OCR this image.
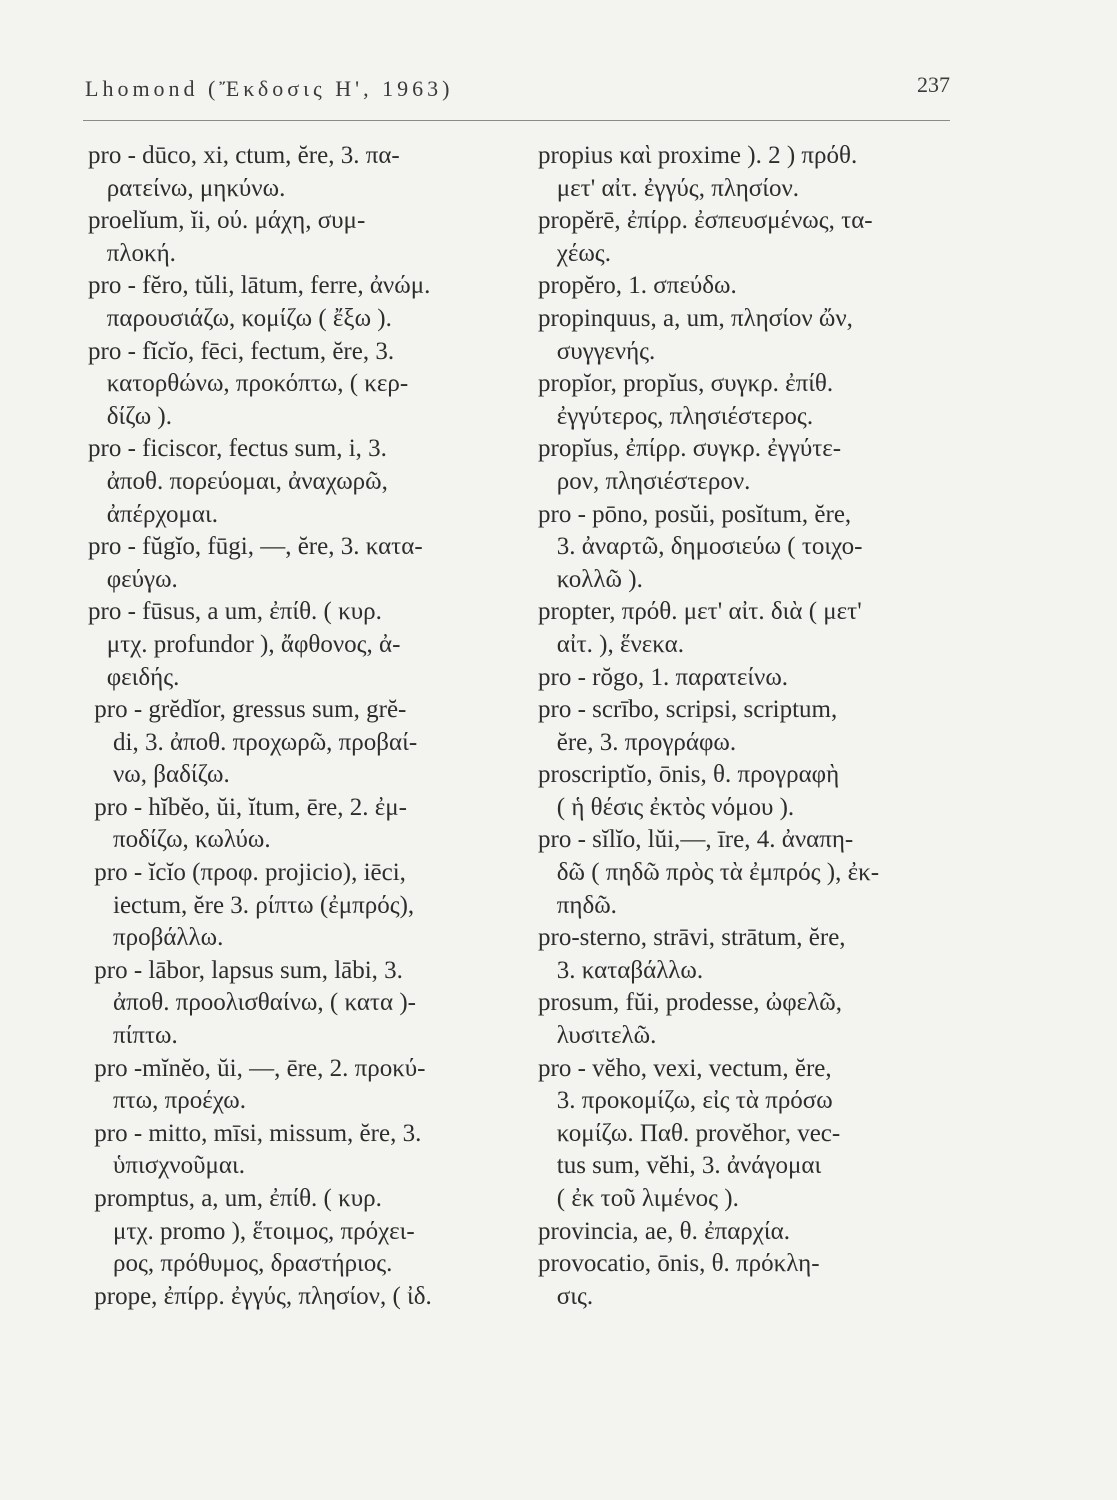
Lhomond (Ἔκδοσις Η', 1963)	237
pro - dūco, xi, ctum, ĕre, 3. πα-
ρατείνω, μηκύνω.
proelĭum, ĭi, ού. μάχη, συμ-
πλοκή.
pro - fĕro, tŭli, lātum, ferre, ἀνώμ.
παρουσιάζω, κομίζω ( ἔξω ).
pro - fĭcĭo, fēci, fectum, ĕre, 3.
κατορθώνω, προκόπτω, ( κερ-
δίζω ).
pro - ficiscor, fectus sum, i, 3.
ἀποθ. πορεύομαι, ἀναχωρῶ,
ἀπέρχομαι.
pro - fŭgĭo, fūgi, —, ĕre, 3. κατα-
φεύγω.
pro - fūsus, a um, ἐπίθ. ( κυρ.
μτχ. profundor ), ἄφθονος, ἀ-
φειδής.
pro - grĕdĭor, gressus sum, grĕ-
di, 3. ἀποθ. προχωρῶ, προβαί-
νω, βαδίζω.
pro - hĭbĕo, ŭi, ĭtum, ēre, 2. ἐμ-
ποδίζω, κωλύω.
pro - ĭcĭo (προφ. projicio), iēci,
iectum, ĕre 3. ρίπτω (ἐμπρός),
προβάλλω.
pro - lābor, lapsus sum, lābi, 3.
ἀποθ. προολισθαίνω, ( κατα )-
πίπτω.
pro -mĭnĕo, ŭi, —, ēre, 2. προκύ-
πτω, προέχω.
pro - mitto, mīsi, missum, ĕre, 3.
ὑπισχνοῦμαι.
promptus, a, um, ἐπίθ. ( κυρ.
μτχ. promo ), ἕτοιμος, πρόχει-
ρος, πρόθυμος, δραστήριος.
prope, ἐπίρρ. ἐγγύς, πλησίον, ( ἰδ.
propius καὶ proxime ). 2 ) πρόθ.
μετ' αἰτ. ἐγγύς, πλησίον.
propĕrē, ἐπίρρ. ἐσπευσμένως, τα-
χέως.
propĕro, 1. σπεύδω.
propinquus, a, um, πλησίον ὤν,
συγγενής.
propĭor, propĭus, συγκρ. ἐπίθ.
ἐγγύτερος, πλησιέστερος.
propĭus, ἐπίρρ. συγκρ. ἐγγύτε-
ρον, πλησιέστερον.
pro - pōno, posŭi, posĭtum, ĕre,
3. ἀναρτῶ, δημοσιεύω ( τοιχο-
κολλῶ ).
propter, πρόθ. μετ' αἰτ. διὰ ( μετ'
αἰτ. ), ἕνεκα.
pro - rŏgo, 1. παρατείνω.
pro - scrībo, scripsi, scriptum,
ĕre, 3. προγράφω.
proscriptĭo, ōnis, θ. προγραφὴ
( ἡ θέσις ἐκτὸς νόμου ).
pro - sĭlĭo, lŭi,—, īre, 4. ἀναπη-
δῶ ( πηδῶ πρὸς τὰ ἐμπρός ), ἐκ-
πηδῶ.
pro-sterno, strāvi, strātum, ĕre,
3. καταβάλλω.
prosum, fŭi, prodesse, ὠφελῶ,
λυσιτελῶ.
pro - vĕho, vexi, vectum, ĕre,
3. προκομίζω, εἰς τὰ πρόσω
κομίζω. Παθ. provĕhor, vec-
tus sum, vĕhi, 3. ἀνάγομαι
( ἐκ τοῦ λιμένος ).
provincia, ae, θ. ἐπαρχία.
provocatio, ōnis, θ. πρόκλη-
σις.
